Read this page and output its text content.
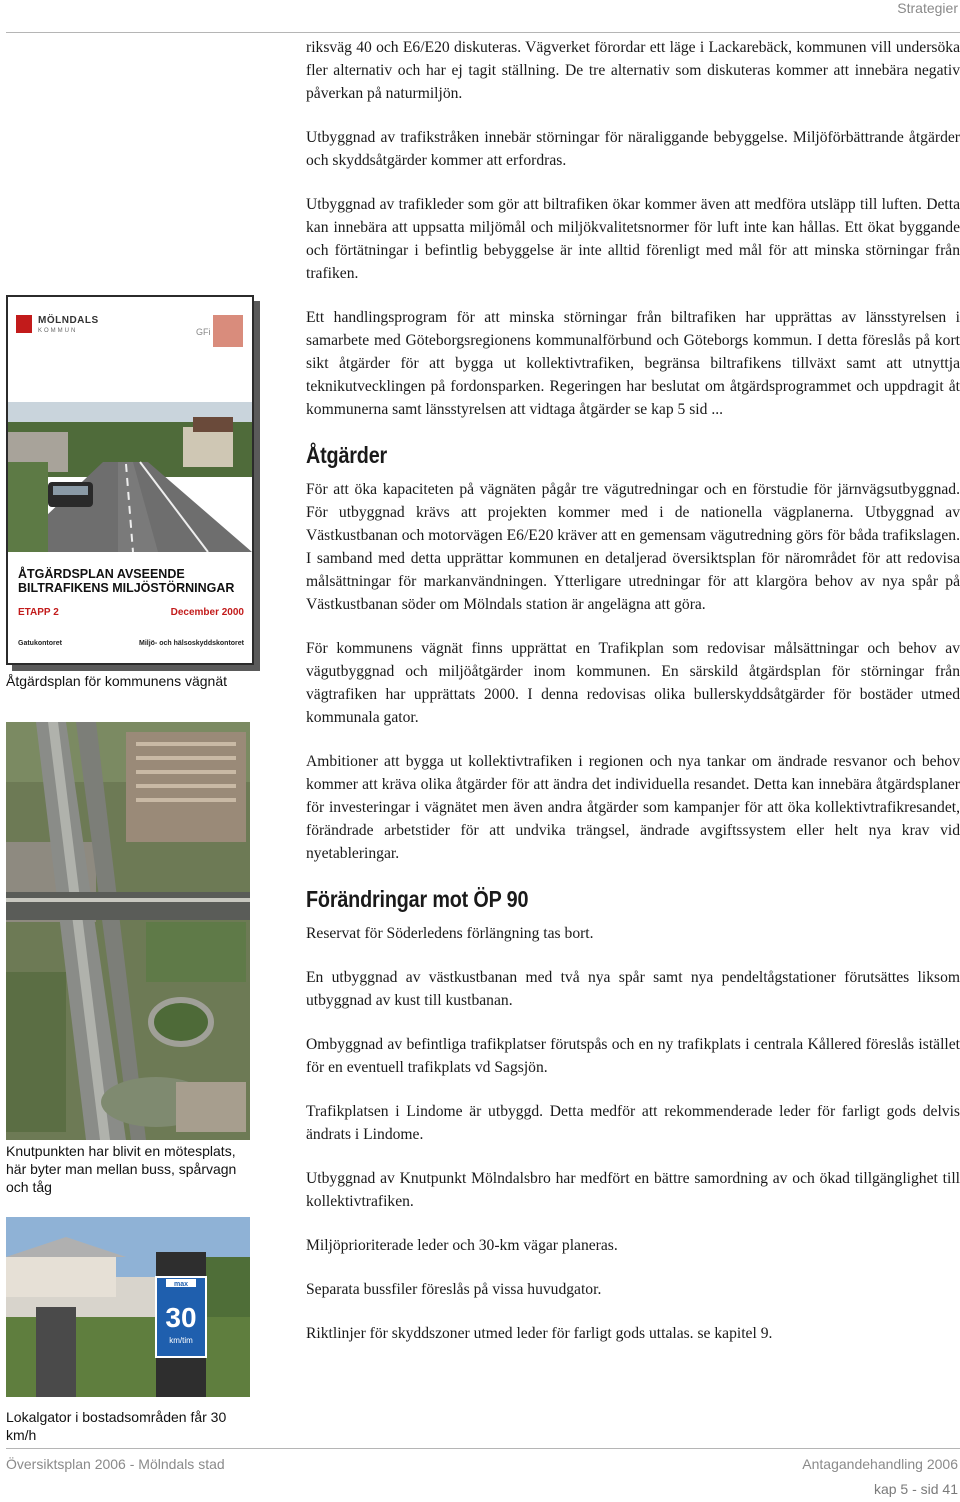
Strategier

riksväg 40 och E6/E20 diskuteras. Vägverket förordar ett läge i Lackarebäck, kommunen vill undersöka fler alternativ och har ej tagit ställning. De tre alternativ som diskuteras kommer att innebära negativ påverkan på naturmiljön.

Utbyggnad av trafikstråken innebär störningar för näraliggande bebyggelse. Miljöförbättrande åtgärder och skyddsåtgärder kommer att erfordras.

Utbyggnad av trafikleder som gör att biltrafiken ökar kommer även att medföra utsläpp till luften. Detta kan innebära att uppsatta miljömål och miljökvalitetsnormer för luft inte kan hållas. Ett ökat byggande och förtätningar i befintlig bebyggelse är inte alltid förenligt med mål för att minska störningar från trafiken.

Ett handlingsprogram för att minska störningar från biltrafiken har upprättas av länsstyrelsen i samarbete med Göteborgsregionens kommunalförbund och Göteborgs kommun. I detta föreslås på kort sikt åtgärder för att bygga ut kollektivtrafiken, begränsa biltrafikens tillväxt samt att utnyttja teknikutvecklingen på fordonsparken. Regeringen har beslutat om åtgärdsprogrammet och uppdragit åt kommunerna samt länsstyrelsen att vidtaga åtgärder se kap 5 sid ...

Åtgärder

För att öka kapaciteten på vägnäten pågår tre vägutredningar och en förstudie för järnvägsutbyggnad. För utbyggnad krävs att projekten kommer med i de nationella vägplanerna. Utbyggnad av Västkustbanan och motorvägen E6/E20 kräver att en gemensam vägutredning görs för båda trafikslagen. I samband med detta upprättar kommunen en detaljerad översiktsplan för närområdet för att redovisa målsättningar för markanvändningen. Ytterligare utredningar för att klargöra behov av nya spår på Västkustbanan söder om Mölndals station är angelägna att göra.

För kommunens vägnät finns upprättat en Trafikplan som redovisar målsättningar och behov av vägutbyggnad och miljöåtgärder inom kommunen. En särskild åtgärdsplan för störningar från vägtrafiken har upprättats 2000. I denna redovisas olika bullerskyddsåtgärder för bostäder utmed kommunala gator.

Ambitioner att bygga ut kollektivtrafiken i regionen och nya tankar om ändrade resvanor och behov kommer att kräva olika åtgärder för att ändra det individuella resandet. Detta kan innebära åtgärdsplaner för investeringar i vägnätet men även andra åtgärder som kampanjer för att öka kollektivtrafikresandet, förändrade arbetstider för att undvika trängsel, ändrade avgiftssystem eller helt nya krav vid nyetableringar.

Förändringar mot ÖP 90

Reservat för Söderledens förlängning tas bort.

En utbyggnad av västkustbanan med två nya spår samt nya pendeltågstationer förutsättes liksom utbyggnad av kust till kustbanan.

Ombyggnad av befintliga trafikplatser förutspås och en ny trafikplats i centrala Kållered föreslås istället för en eventuell trafikplats vd Sagsjön.

Trafikplatsen i Lindome är utbyggd. Detta medför att rekommenderade leder för farligt gods delvis ändrats i Lindome.

Utbyggnad av Knutpunkt Mölndalsbro har medfört en bättre samordning av och ökad tillgänglighet till kollektivtrafiken.

Miljöprioriterade leder och 30-km vägar planeras.

Separata bussfiler föreslås på vissa huvudgator.

Riktlinjer för skyddszoner utmed leder för farligt gods uttalas. se kapitel 9.

MÖLNDALS
KOMMUN	GFi
ÅTGÄRDSPLAN AVSEENDE BILTRAFIKENS MILJÖSTÖRNINGAR
ETAPP 2	December 2000
Gatukontoret	Miljö- och hälsoskyddskontoret
Åtgärdsplan för kommunens vägnät
Knutpunkten har blivit en mötesplats, här byter man mellan buss, spårvagn och tåg
max
30
km/tim
Lokalgator i bostadsområden får 30 km/h
Översiktsplan 2006 - Mölndals stad	Antagandehandling 2006
kap 5 - sid 41
